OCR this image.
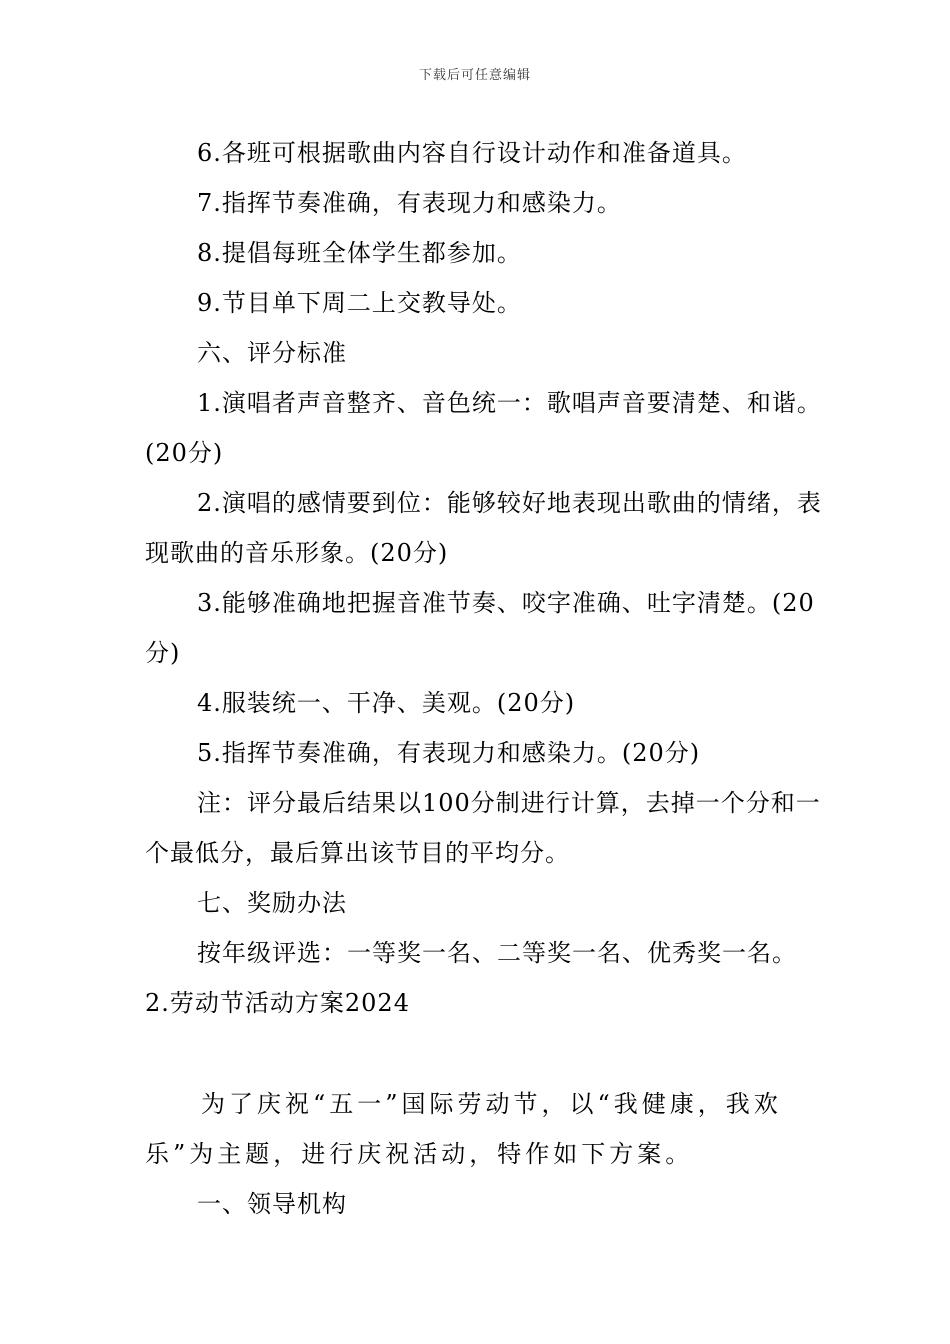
下载后可任意编辑

6.各班可根据歌曲内容自行设计动作和准备道具。

7.指挥节奏准确，有表现力和感染力。

8.提倡每班全体学生都参加。

9.节目单下周二上交教导处。

六、评分标准

1.演唱者声音整齐、音色统一：歌唱声音要清楚、和谐。(20分)

2.演唱的感情要到位：能够较好地表现出歌曲的情绪，表现歌曲的音乐形象。(20分)

3.能够准确地把握音准节奏、咬字准确、吐字清楚。(20分)

4.服装统一、干净、美观。(20分)

5.指挥节奏准确，有表现力和感染力。(20分)

注：评分最后结果以100分制进行计算，去掉一个分和一个最低分，最后算出该节目的平均分。

七、奖励办法

按年级评选：一等奖一名、二等奖一名、优秀奖一名。

2.劳动节活动方案2024

为了庆祝“五一”国际劳动节，以“我健康，我欢乐”为主题，进行庆祝活动，特作如下方案。

一、领导机构
